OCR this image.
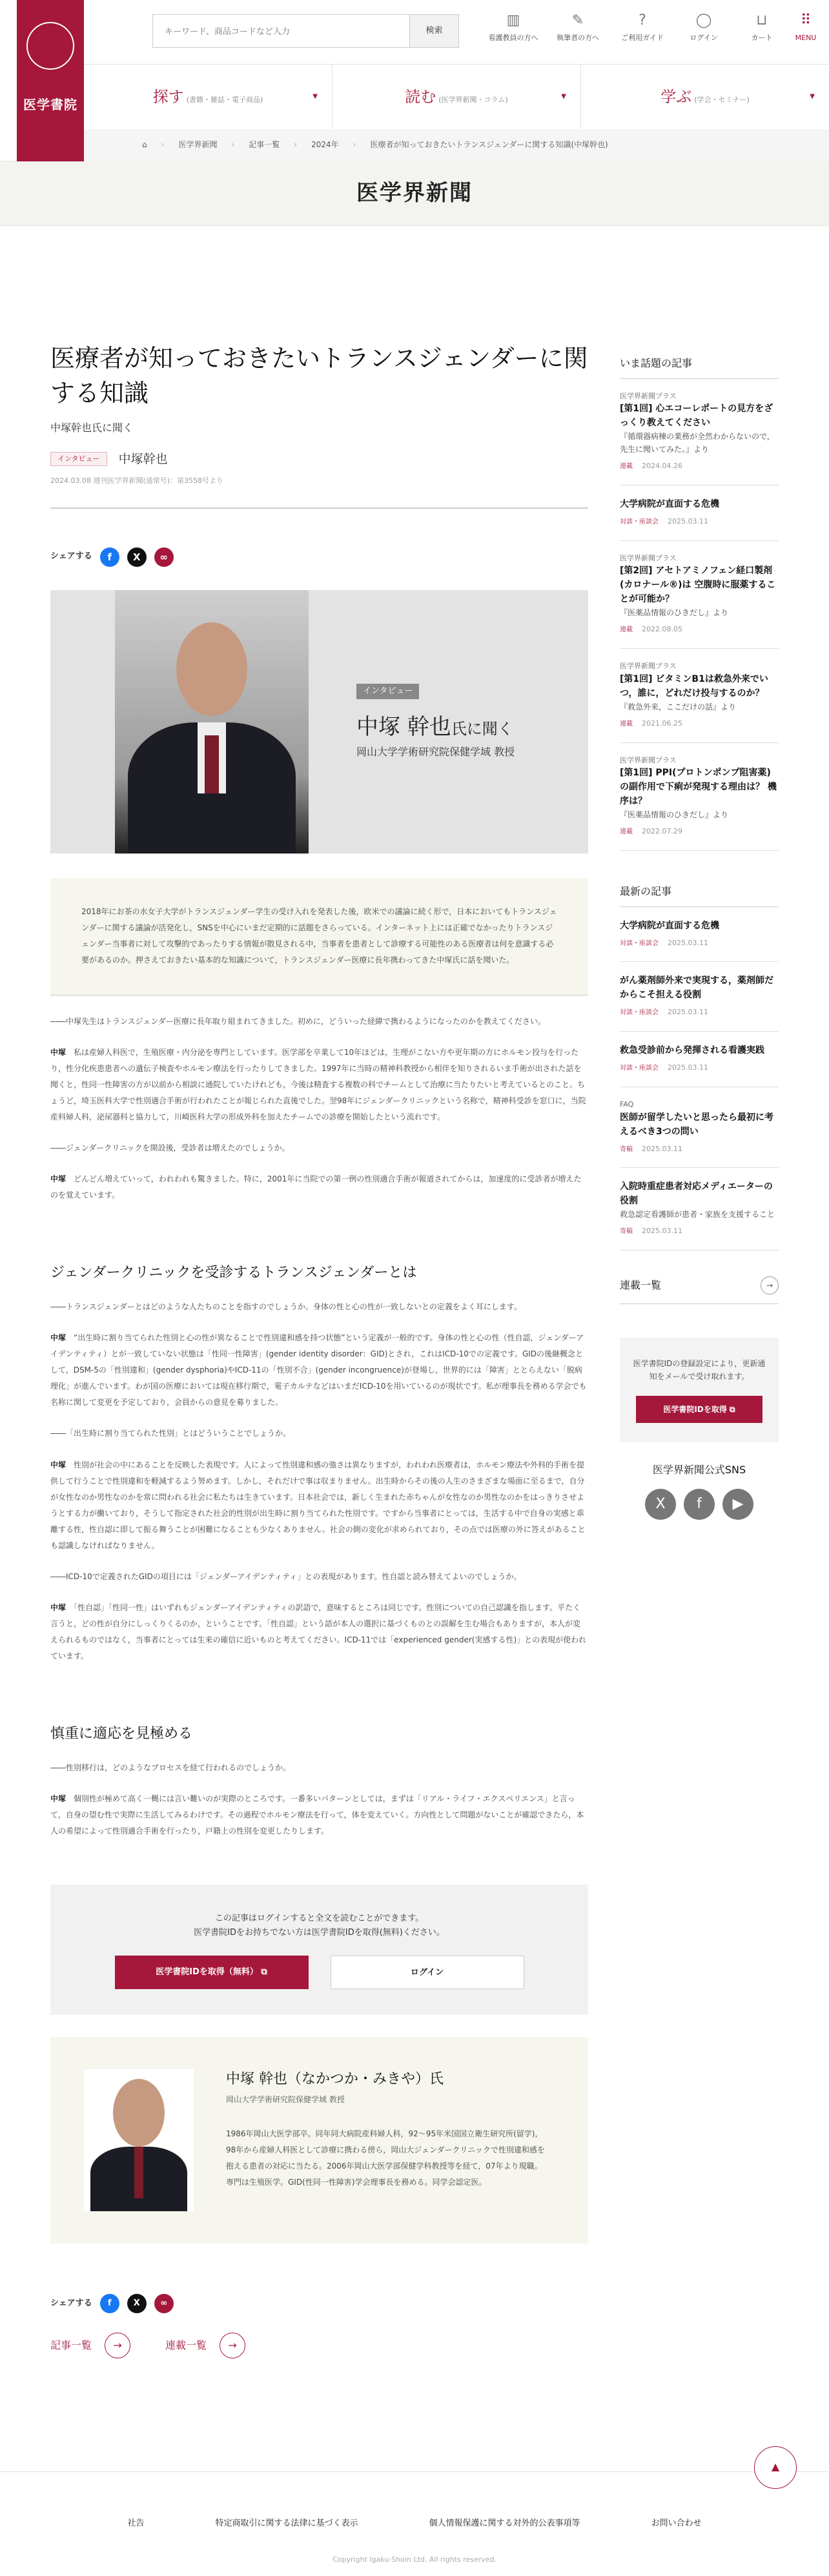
医学書院
キーワード、商品コードなど入力
検索
▥
看護教員の方へ
✎
執筆者の方へ
?
ご利用ガイド
◯
ログイン
⊔
カート
⠿
MENU
探す (書籍・雑誌・電子商品)	▼	読む (医学界新聞・コラム)	▼	学ぶ (学会・セミナー)	▼
⌂ › 医学界新聞 › 記事一覧 › 2024年 › 医療者が知っておきたいトランスジェンダーに関する知識(中塚幹也)
医学界新聞
医療者が知っておきたいトランスジェンダーに関する知識
中塚幹也氏に聞く
インタビュー	中塚幹也
2024.03.08 週刊医学界新聞(通常号)：第3558号より
シェアする	f	X	∞
インタビュー
中塚 幹也氏に聞く
岡山大学学術研究院保健学域 教授
2018年にお茶の水女子大学がトランスジェンダー学生の受け入れを発表した後，欧米での議論に続く形で，日本においてもトランスジェンダーに関する議論が活発化し，SNSを中心にいまだ定期的に話題をさらっている。インターネット上には正確でなかったりトランスジェンダー当事者に対して攻撃的であったりする情報が散見される中，当事者を患者として診療する可能性のある医療者は何を意識する必要があるのか。押さえておきたい基本的な知識について，トランスジェンダー医療に長年携わってきた中塚氏に話を聞いた。
――中塚先生はトランスジェンダー医療に長年取り組まれてきました。初めに，どういった経緯で携わるようになったのかを教えてください。
中塚　 私は産婦人科医で，生殖医療・内分泌を専門としています。医学部を卒業して10年ほどは，生理がこない方や更年期の方にホルモン投与を行ったり，性分化疾患患者への遺伝子検査やホルモン療法を行ったりしてきました。1997年に当時の精神科教授から相伴を知りされるいま手術が出された話を聞くと，性同一性障害の方が以前から相談に通院していたけれども，今後は精査する複数の科でチームとして治療に当たりたいと考えているとのこと。ちょうど，埼玉医科大学で性別適合手術が行われたことが報じられた直後でした。翌98年にジェンダークリニックという名称で，精神科受診を窓口に，当院産科婦人科，泌尿器科と協力して，川崎医科大学の形成外科を加えたチームでの診療を開始したという流れです。
――ジェンダークリニックを開設後，受診者は増えたのでしょうか。
中塚　 どんどん増えていって，われわれも驚きました。特に，2001年に当院での第一例の性別適合手術が報道されてからは，加速度的に受診者が増えたのを覚えています。
ジェンダークリニックを受診するトランスジェンダーとは
――トランスジェンダーとはどのような人たちのことを指すのでしょうか。身体の性と心の性が一致しないとの定義をよく耳にします。
中塚　 “出生時に割り当てられた性別と心の性が異なることで性別違和感を持つ状態”という定義が一般的です。身体の性と心の性（性自認，ジェンダーアイデンティティ）とが一致していない状態は「性同一性障害」(gender identity disorder：GID)とされ，これはICD-10での定義です。GIDの後継概念として，DSM-5の「性別違和」(gender dysphoria)やICD-11の「性別不合」(gender incongruence)が登場し，世界的には「障害」ととらえない「脱病理化」が進んでいます。わが国の医療においては現在移行期で，電子カルテなどはいまだICD-10を用いているのが現状です。私が理事長を務める学会でも名称に関して変更を予定しており，会員からの意見を募りました。
――「出生時に割り当てられた性別」とはどういうことでしょうか。
中塚　 性別が社会の中にあることを反映した表現です。人によって性別違和感の強さは異なりますが，われわれ医療者は，ホルモン療法や外科的手術を提供して行うことで性別違和を軽減するよう努めます。しかし，それだけで事は収まりません。出生時からその後の人生のさまざまな場面に至るまで，自分が女性なのか男性なのかを常に問われる社会に私たちは生きています。日本社会では，新しく生まれた赤ちゃんが女性なのか男性なのかをはっきりさせようとする力が働いており，そうして指定された社会的性別が出生時に割り当てられた性別です。ですから当事者にとっては，生活する中で自身の実感と乖離する性，性自認に即して振る舞うことが困難になることも少なくありません。社会の側の変化が求められており，その点では医療の外に答えがあることも認識しなければなりません。
――ICD-10で定義されたGIDの項目には「ジェンダーアイデンティティ」との表現があります。性自認と読み替えてよいのでしょうか。
中塚　 「性自認」「性同一性」はいずれもジェンダーアイデンティティの訳語で，意味するところは同じです。性別についての自己認識を指します。平たく言うと，どの性が自分にしっくりくるのか，ということです。「性自認」という語が本人の選択に基づくものとの誤解を生む場合もありますが，本人が変えられるものではなく，当事者にとっては生来の確信に近いものと考えてください。ICD-11では「experienced gender(実感する性)」との表現が使われています。
慎重に適応を見極める
――性別移行は，どのようなプロセスを経て行われるのでしょうか。
中塚　 個別性が極めて高く一概には言い難いのが実際のところです。一番多いパターンとしては，まずは「リアル・ライフ・エクスペリエンス」と言って，自身の望む性で実際に生活してみるわけです。その過程でホルモン療法を行って，体を変えていく。方向性として問題がないことが確認できたら，本人の希望によって性別適合手術を行ったり，戸籍上の性別を変更したりします。
この記事はログインすると全文を読むことができます。
医学書院IDをお持ちでない方は医学書院IDを取得(無料)ください。
医学書院IDを取得（無料） ⧉	ログイン
中塚 幹也（なかつか・みきや）氏
岡山大学学術研究院保健学域 教授
1986年岡山大医学部卒。同年同大病院産科婦人科，92〜95年米国国立衛生研究所(留学)，98年から産婦人科医として診療に携わる傍ら，岡山大ジェンダークリニックで性別違和感を抱える患者の対応に当たる。2006年岡山大医学部保健学科教授等を経て，07年より現職。専門は生殖医学。GID(性同一性障害)学会理事長を務める。同学会認定医。
シェアする	f	X	∞
記事一覧 →	連載一覧 →
いま話題の記事
医学界新聞プラス
[第1回] 心エコーレポートの見方をざっくり教えてください
『循環器病棟の業務が全然わからないので，先生に聞いてみた。』より
連載 2024.04.26
大学病院が直面する危機
対談・座談会 2025.03.11
医学界新聞プラス
[第2回] アセトアミノフェン経口製剤(カロナール®)は 空腹時に服薬することが可能か？
『医薬品情報のひきだし』より
連載 2022.08.05
医学界新聞プラス
[第1回] ビタミンB1は救急外来でいつ，誰に，どれだけ投与するのか？
『救急外来，ここだけの話』より
連載 2021.06.25
医学界新聞プラス
[第1回] PPI(プロトンポンプ阻害薬)の副作用で下痢が発現する理由は？ 機序は？
『医薬品情報のひきだし』より
連載 2022.07.29
最新の記事
大学病院が直面する危機
対談・座談会 2025.03.11
がん薬剤師外来で実現する，薬剤師だからこそ担える役割
対談・座談会 2025.03.11
救急受診前から発揮される看護実践
対談・座談会 2025.03.11
FAQ
医師が留学したいと思ったら最初に考えるべき3つの問い
寄稿 2025.03.11
入院時重症患者対応メディエーターの役割
救急認定看護師が患者・家族を支援すること
寄稿 2025.03.11
連載一覧	→
医学書院IDの登録設定により，更新通知をメールで受け取れます。
医学書院IDを取得 ⧉
医学界新聞公式SNS
X	f	▶
▲
社告	特定商取引に関する法律に基づく表示	個人情報保護に関する対外的公表事項等	お問い合わせ
Copyright Igaku-Shoin Ltd. All rights reserved.
